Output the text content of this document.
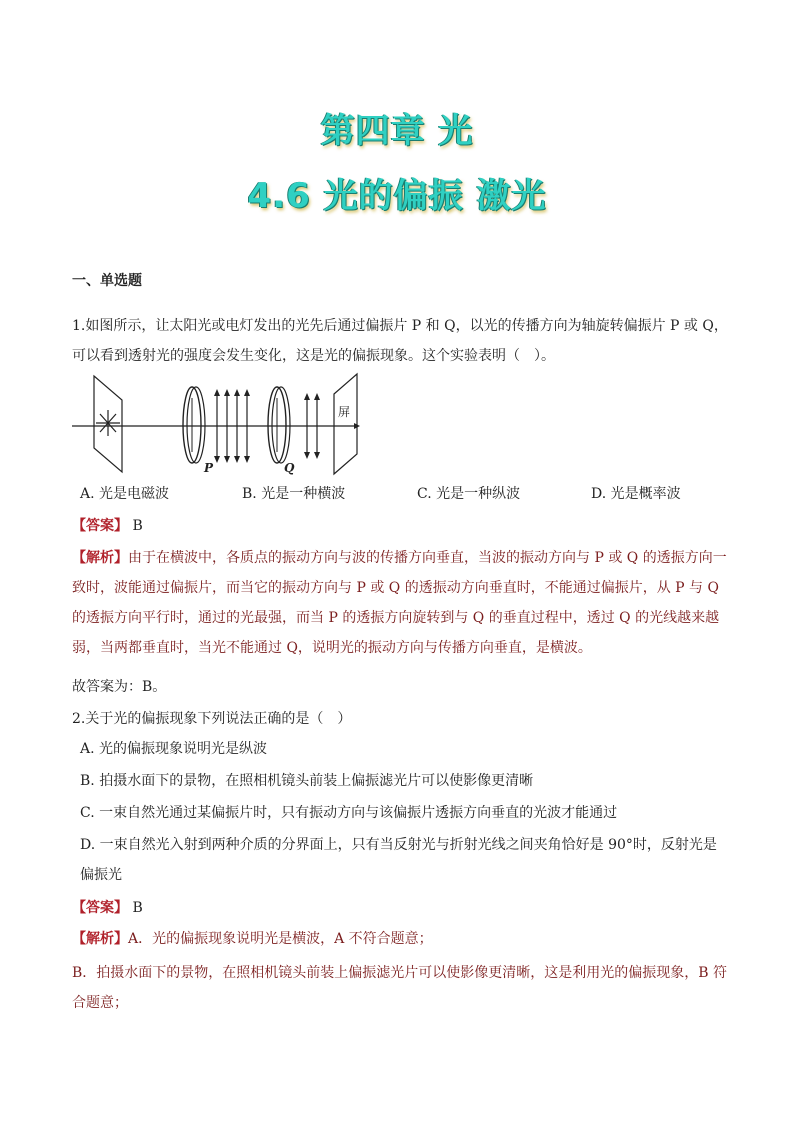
第四章 光
4.6 光的偏振 激光
一、单选题
1.如图所示，让太阳光或电灯发出的光先后通过偏振片 P 和 Q，以光的传播方向为轴旋转偏振片 P 或 Q，可以看到透射光的强度会发生变化，这是光的偏振现象。这个实验表明（　）。
屏
P	Q
A. 光是电磁波	B. 光是一种横波	C. 光是一种纵波	D. 光是概率波
【答案】 B
【解析】由于在横波中，各质点的振动方向与波的传播方向垂直，当波的振动方向与 P 或 Q 的透振方向一致时，波能通过偏振片，而当它的振动方向与 P 或 Q 的透振动方向垂直时，不能通过偏振片，从 P 与 Q 的透振方向平行时，通过的光最强，而当 P 的透振方向旋转到与 Q 的垂直过程中，透过 Q 的光线越来越弱，当两都垂直时，当光不能通过 Q，说明光的振动方向与传播方向垂直，是横波。
故答案为：B。
2.关于光的偏振现象下列说法正确的是（　）
A. 光的偏振现象说明光是纵波
B. 拍摄水面下的景物，在照相机镜头前装上偏振滤光片可以使影像更清晰
C. 一束自然光通过某偏振片时，只有振动方向与该偏振片透振方向垂直的光波才能通过
D. 一束自然光入射到两种介质的分界面上，只有当反射光与折射光线之间夹角恰好是 90°时，反射光是偏振光
【答案】 B
【解析】A．光的偏振现象说明光是横波，A 不符合题意；
B．拍摄水面下的景物，在照相机镜头前装上偏振滤光片可以使影像更清晰，这是利用光的偏振现象，B 符合题意；
